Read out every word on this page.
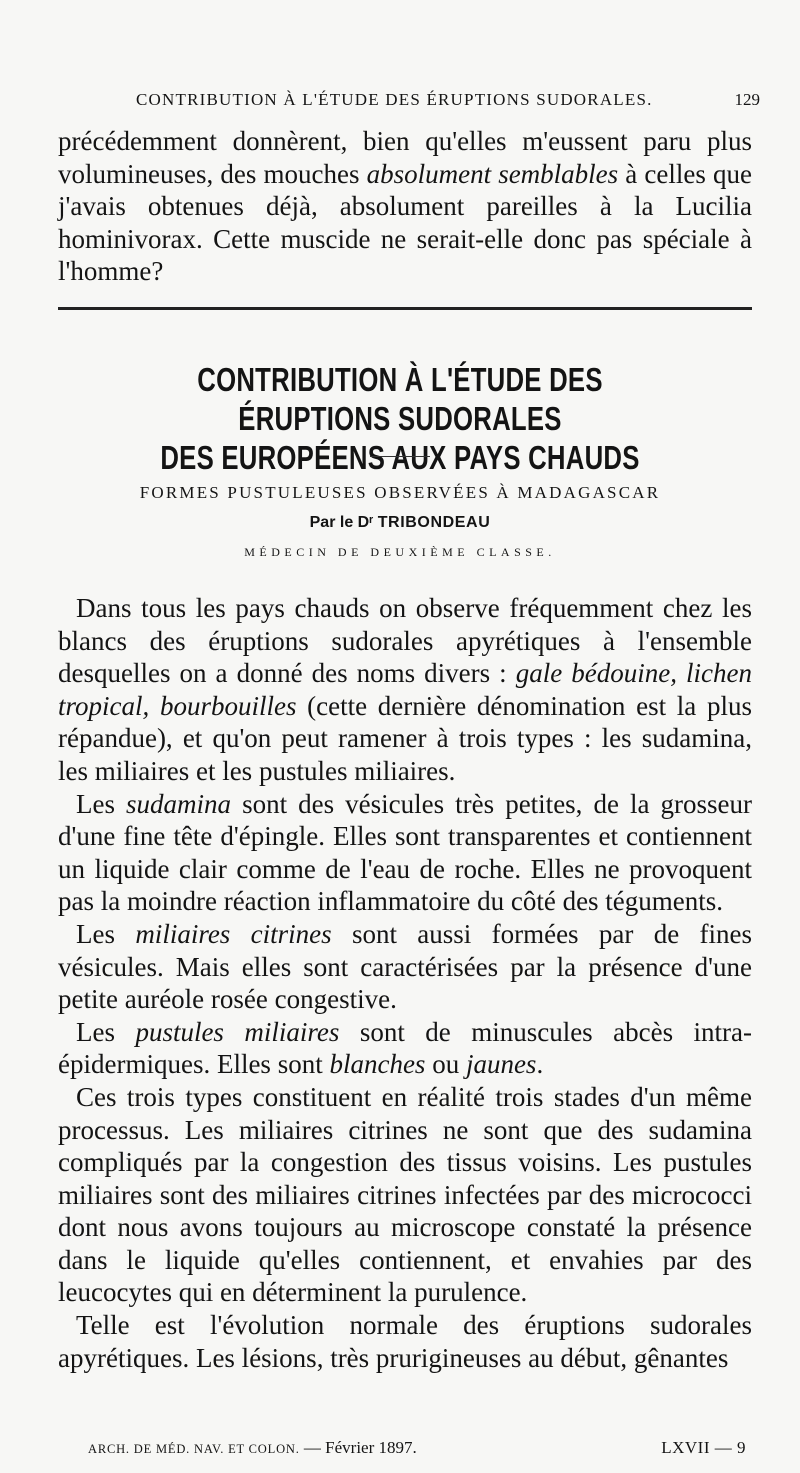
CONTRIBUTION À L'ÉTUDE DES ÉRUPTIONS SUDORALES.	129

précédemment donnèrent, bien qu'elles m'eussent paru plus volumineuses, des mouches absolument semblables à celles que j'avais obtenues déjà, absolument pareilles à la Lucilia hominivorax. Cette muscide ne serait-elle donc pas spéciale à l'homme?

CONTRIBUTION À L'ÉTUDE DES ÉRUPTIONS SUDORALES
DES EUROPÉENS AUX PAYS CHAUDS
FORMES PUSTULEUSES OBSERVÉES À MADAGASCAR
Par le Dʳ TRIBONDEAU
MÉDECIN DE DEUXIÈME CLASSE.

Dans tous les pays chauds on observe fréquemment chez les blancs des éruptions sudorales apyrétiques à l'ensemble desquelles on a donné des noms divers : gale bédouine, lichen tropical, bourbouilles (cette dernière dénomination est la plus répandue), et qu'on peut ramener à trois types : les sudamina, les miliaires et les pustules miliaires.

Les sudamina sont des vésicules très petites, de la grosseur d'une fine tête d'épingle. Elles sont transparentes et contiennent un liquide clair comme de l'eau de roche. Elles ne provoquent pas la moindre réaction inflammatoire du côté des téguments.

Les miliaires citrines sont aussi formées par de fines vésicules. Mais elles sont caractérisées par la présence d'une petite auréole rosée congestive.

Les pustules miliaires sont de minuscules abcès intra-épidermiques. Elles sont blanches ou jaunes.

Ces trois types constituent en réalité trois stades d'un même processus. Les miliaires citrines ne sont que des sudamina compliqués par la congestion des tissus voisins. Les pustules miliaires sont des miliaires citrines infectées par des micrococci dont nous avons toujours au microscope constaté la présence dans le liquide qu'elles contiennent, et envahies par des leucocytes qui en déterminent la purulence.

Telle est l'évolution normale des éruptions sudorales apyrétiques. Les lésions, très prurigineuses au début, gênantes

ARCH. DE MÉD. NAV. ET COLON. — Février 1897.	LXVII — 9
